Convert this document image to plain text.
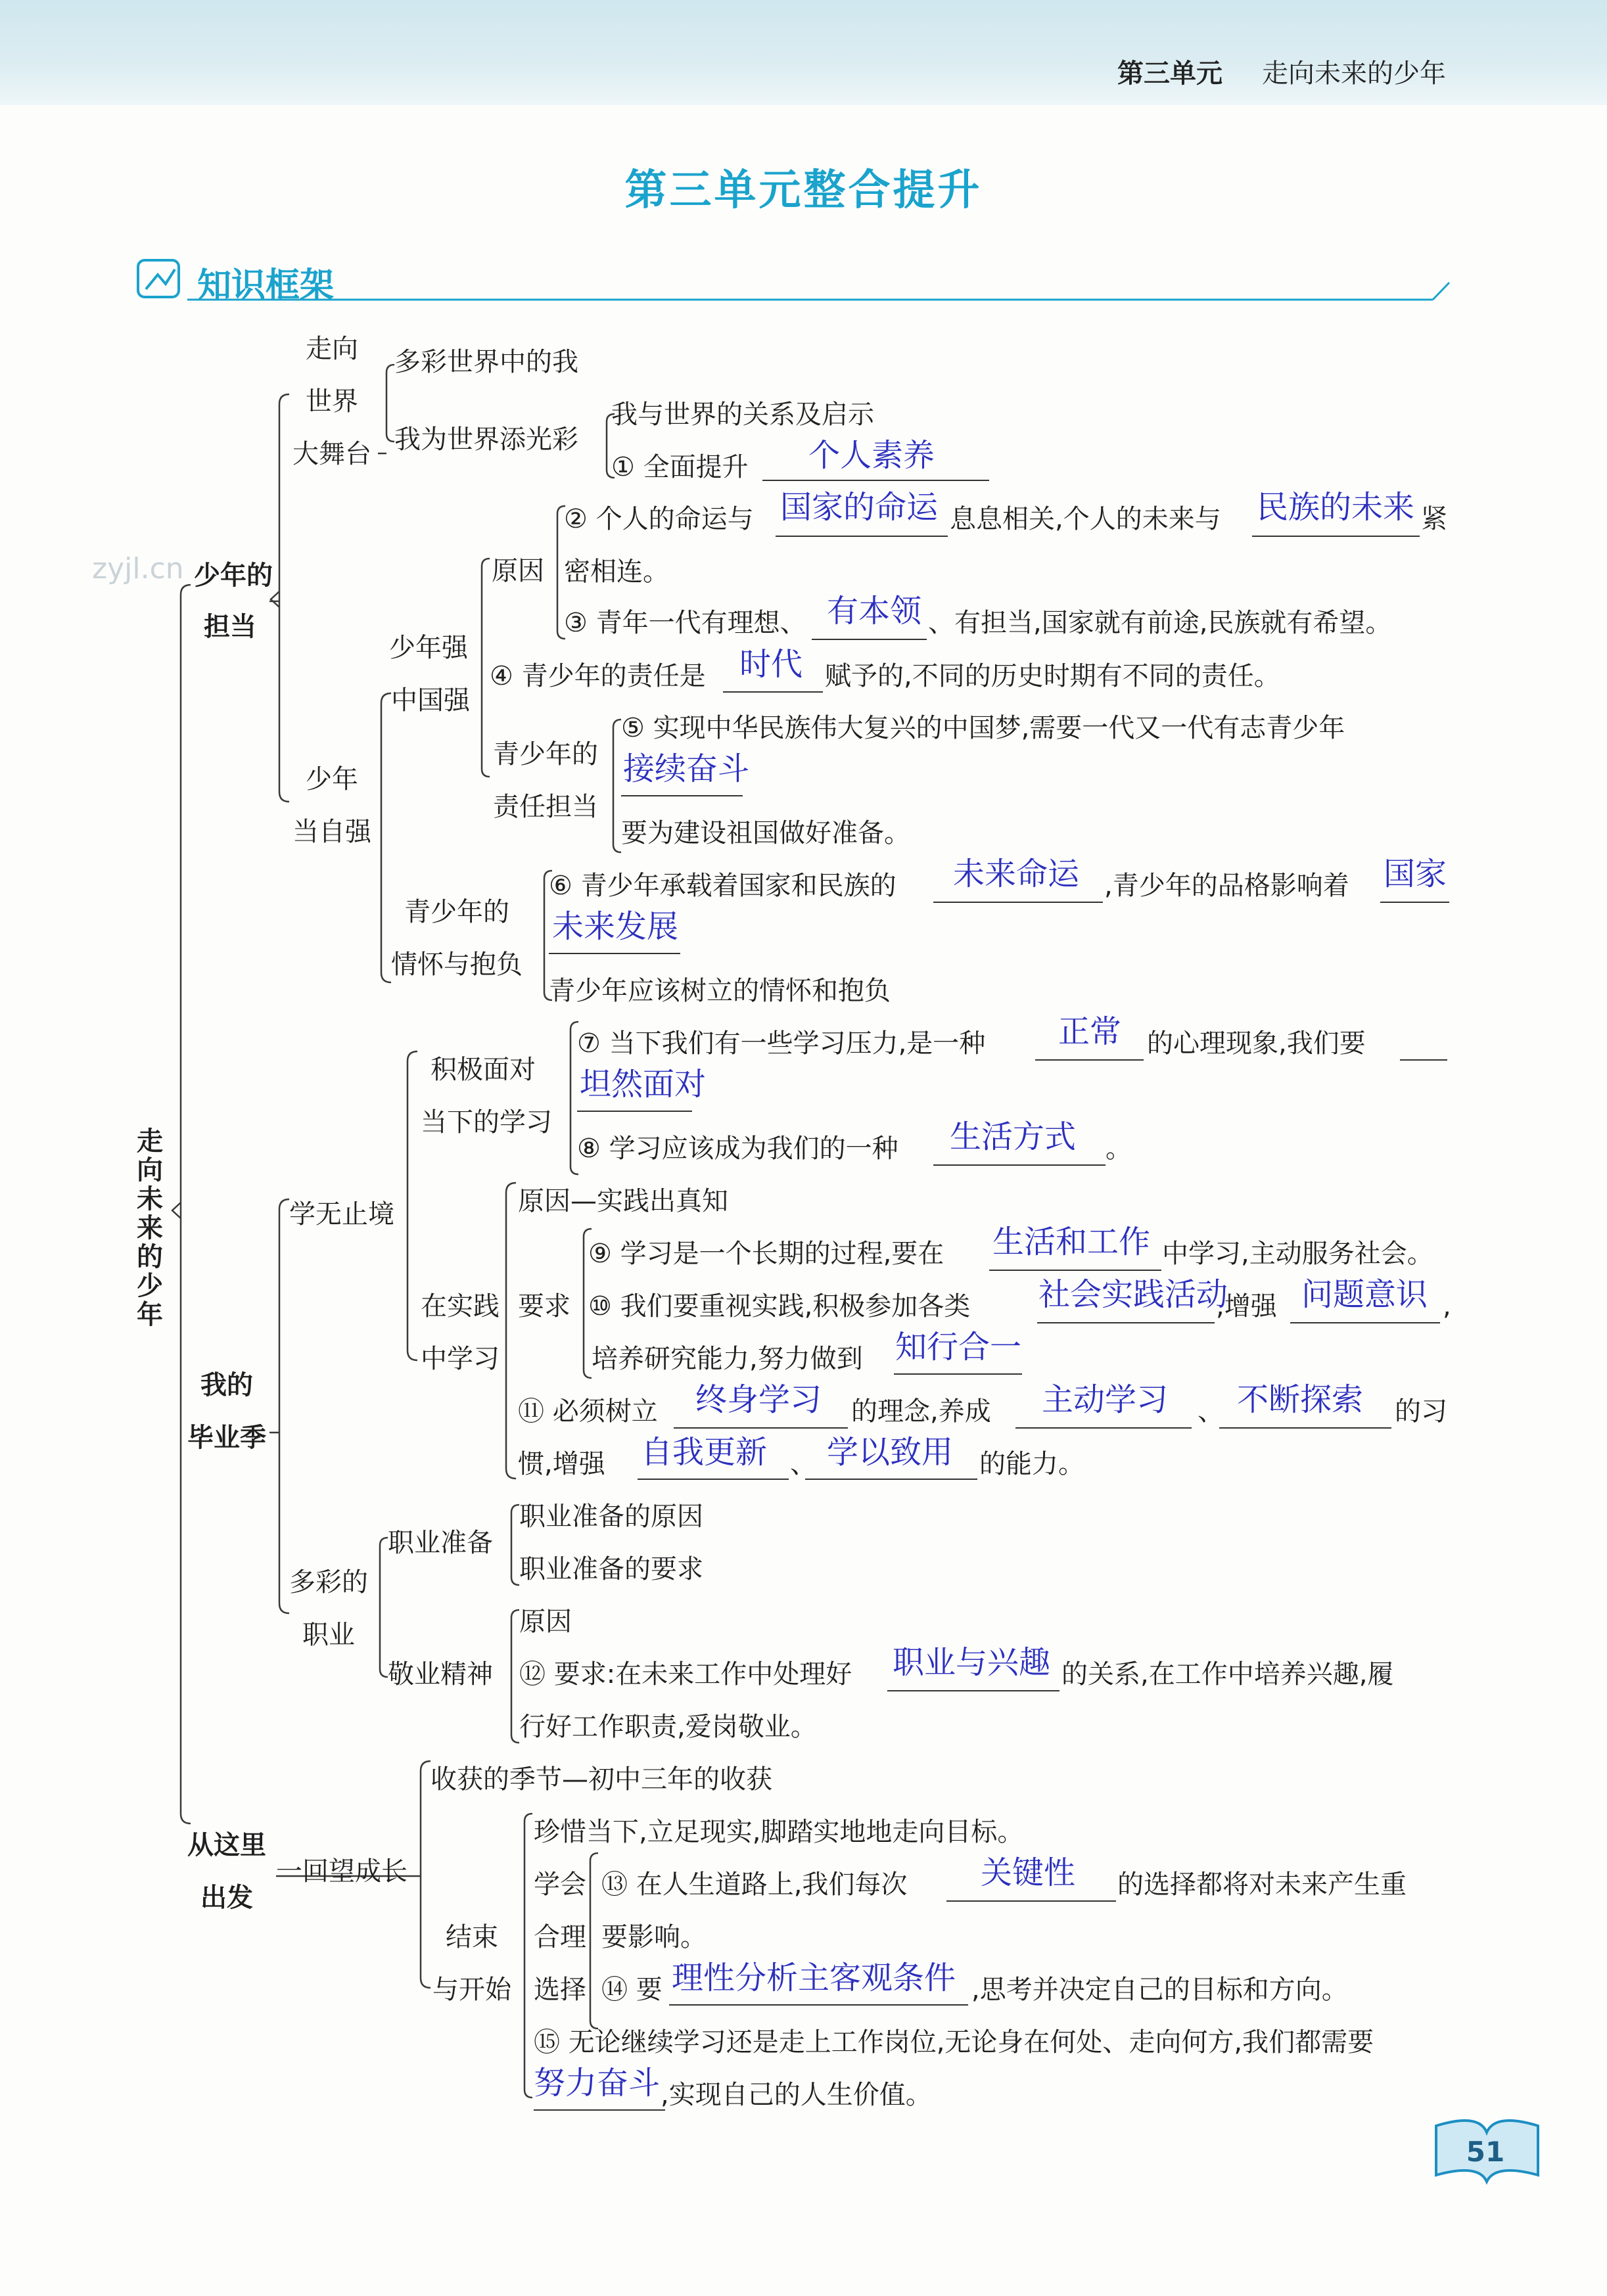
第三单元 走向未来的少年
zyjl.cn
第三单元整合提升
知识框架
走向未来的少年
少年的
担当
走向
世界
大舞台
多彩世界中的我
我为世界添光彩
我与世界的关系及启示
① 全面提升 个人素养
少年
当自强
少年强
中国强
原因
② 个人的命运与 国家的命运 息息相关,个人的未来与 民族的未来 紧
密相连。
③ 青年一代有理想、 有本领 、有担当,国家就有前途,民族就有希望。
④ 青少年的责任是 时代 赋予的,不同的历史时期有不同的责任。
青少年的
责任担当
⑤ 实现中华民族伟大复兴的中国梦,需要一代又一代有志青少年
接续奋斗
要为建设祖国做好准备。
青少年的
情怀与抱负
⑥ 青少年承载着国家和民族的 未来命运 ,青少年的品格影响着 国家
未来发展
青少年应该树立的情怀和抱负
我的
毕业季
学无止境
积极面对
当下的学习
⑦ 当下我们有一些学习压力,是一种 正常 的心理现象,我们要
坦然面对
⑧ 学习应该成为我们的一种 生活方式 。
在实践
中学习
原因—实践出真知
要求
⑨ 学习是一个长期的过程,要在 生活和工作 中学习,主动服务社会。
⑩ 我们要重视实践,积极参加各类 社会实践活动
,增强 问题意识 ,
培养研究能力,努力做到 知行合一
⑪ 必须树立 终身学习 的理念,养成 主动学习 、 不断探索 的习
惯,增强 自我更新 、 学以致用 的能力。
多彩的
职业
职业准备
职业准备的原因
职业准备的要求
敬业精神
原因
⑫ 要求:在未来工作中处理好 职业与兴趣 的关系,在工作中培养兴趣,履
行好工作职责,爱岗敬业。
从这里
出发
一回望成长
收获的季节—初中三年的收获
结束
与开始
珍惜当下,立足现实,脚踏实地地走向目标。
学会
合理
选择
⑬ 在人生道路上,我们每次 关键性 的选择都将对未来产生重
要影响。
⑭ 要 理性分析主客观条件 ,思考并决定自己的目标和方向。
⑮ 无论继续学习还是走上工作岗位,无论身在何处、走向何方,我们都需要
努力奋斗 ,实现自己的人生价值。
51
